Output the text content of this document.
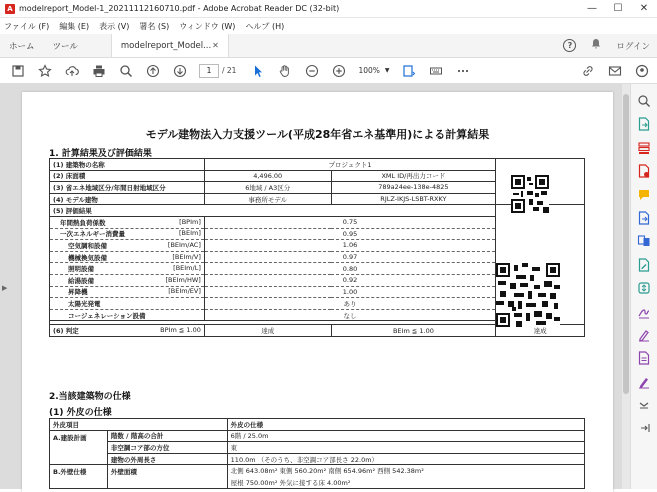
A modelreport_Model-1_20211112160710.pdf - Adobe Acrobat Reader DC (32-bit)	—	☐	✕
ファイル (F) 編集 (E) 表示 (V) 署名 (S) ウィンドウ (W) ヘルプ (H)
ホーム	ツール	modelreport_Model... ✕	?	ログイン
1	/ 21	100% ▼
▶
モデル建物法入力支援ツール(平成28年省エネ基準用)による計算結果
1. 計算結果及び評価結果
(1) 建築物の名称	プロジェクト1		
(2) 床面積	4,496.00	XML ID/再出力コード	
(3) 省エネ地域区分/年間日射地域区分	6地域 / A3区分	789a24ee-138e-4825	
(4) モデル建物	事務所モデル	RJLZ-IKJS-LSBT-RXKY	
(5) 評価結果			
年間熱負荷係数 [BPIm]	0.75		
一次エネルギー消費量 [BEIm]	0.95		
空気調和設備 [BEIm/AC]	1.06		
機械換気設備 [BEIm/V]	0.97		
照明設備 [BEIm/L]	0.80		
給湯設備 [BEIm/HW]	0.92		
昇降機 [BEIm/EV]	1.00		
太陽光発電	あり		
コージェネレーション設備	なし		

(6) 判定 BPIm ≦ 1.00	達成	BEIm ≦ 1.00	達成
2.当該建築物の仕様
(1) 外皮の仕様
外皮項目		外皮の仕様
A.建設計画	階数 / 階高の合計	6階 / 25.0m
	非空調コア部の方位	東
	建物の外周長さ	110.0m （そのうち、非空調コア部長さ 22.0m）
B.外壁仕様	外壁面積	北側 643.08m² 東側 560.20m² 南側 654.96m² 西側 542.38m²
		屋根 750.00m² 外気に接する床 4.00m²
